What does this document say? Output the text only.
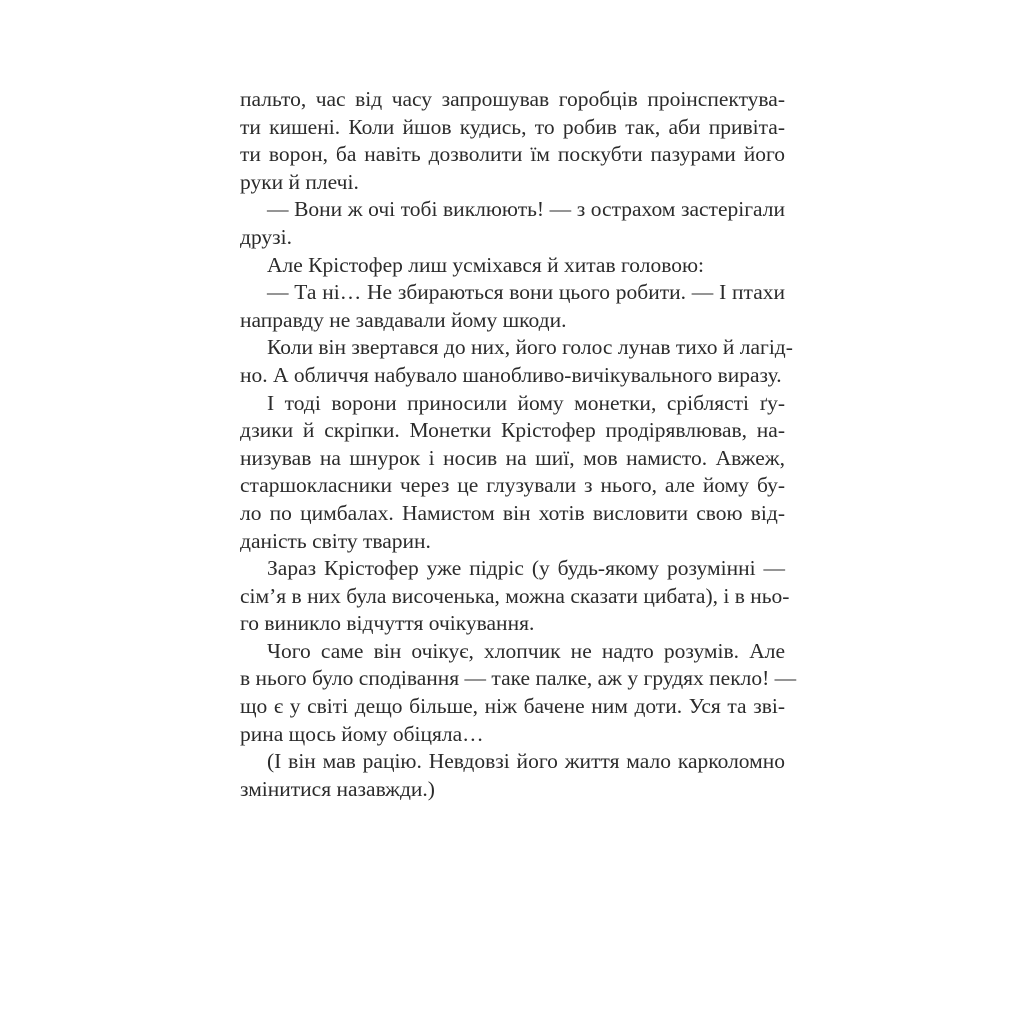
пальто, час від часу запрошував горобців проінспектува-
ти кишені. Коли йшов кудись, то робив так, аби привіта-
ти ворон, ба навіть дозволити їм поскубти пазурами його
руки й плечі.
— Вони ж очі тобі виклюють! — з острахом застерігали
друзі.
Але Крістофер лиш усміхався й хитав головою:
— Та ні… Не збираються вони цього робити. — І птахи
направду не завдавали йому шкоди.
Коли він звертався до них, його голос лунав тихо й лагід-
но. А обличчя набувало шанобливо-вичікувального виразу.
І тоді ворони приносили йому монетки, сріблясті ґу-
дзики й скріпки. Монетки Крістофер продірявлював, на-
низував на шнурок і носив на шиї, мов намисто. Авжеж,
старшокласники через це глузували з нього, але йому бу-
ло по цимбалах. Намистом він хотів висловити свою від-
даність світу тварин.
Зараз Крістофер уже підріс (у будь-якому розумінні —
сім’я в них була височенька, можна сказати цибата), і в ньо-
го виникло відчуття очікування.
Чого саме він очікує, хлопчик не надто розумів. Але
в нього було сподівання — таке палке, аж у грудях пекло! —
що є у світі дещо більше, ніж бачене ним доти. Уся та зві-
рина щось йому обіцяла…
(І він мав рацію. Невдовзі його життя мало карколомно
змінитися назавжди.)
